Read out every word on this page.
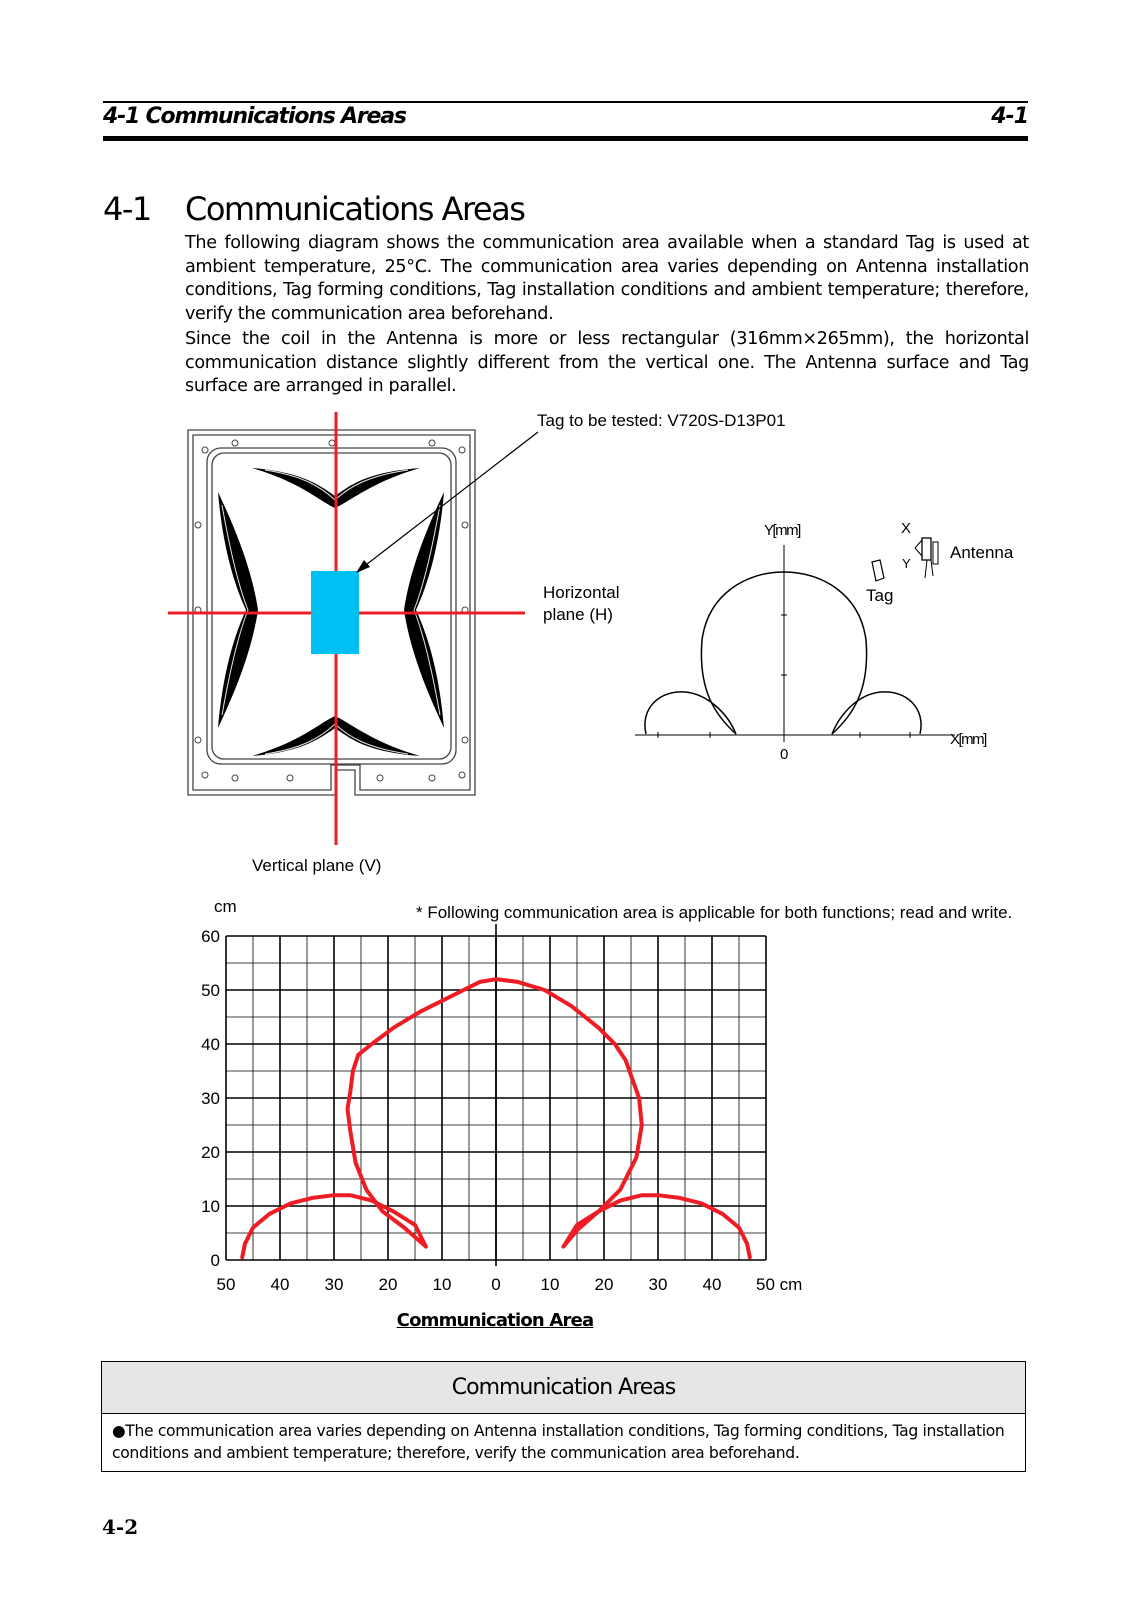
4-1 Communications Areas	4-1
4-1 Communications Areas
The following diagram shows the communication area available when a standard Tag is used at ambient temperature, 25°C. The communication area varies depending on Antenna installation conditions, Tag forming conditions, Tag installation conditions and ambient temperature; therefore, verify the communication area beforehand.
Since the coil in the Antenna is more or less rectangular (316mm×265mm), the horizontal communication distance slightly different from the vertical one. The Antenna surface and Tag surface are arranged in parallel.
Tag to be tested: V720S-D13P01
Horizontal
plane (H)
Vertical plane (V)
Y[mm]
X[mm]
0
X
Y
Antenna
Tag
* Following communication area is applicable for both functions; read and write.
50 40 30 20 10 0 10 20 30 40 50 cm
0
10
20
30
40
50
60
cm
Communication Area
Communication Areas
●The communication area varies depending on Antenna installation conditions, Tag forming conditions, Tag installation conditions and ambient temperature; therefore, verify the communication area beforehand.
4-2
